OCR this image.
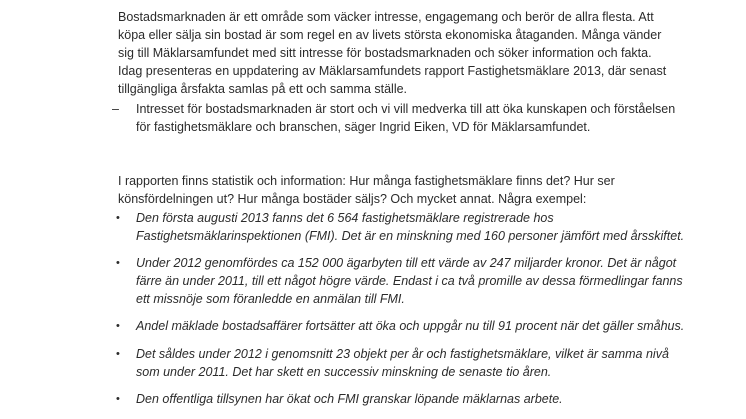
Bostadsmarknaden är ett område som väcker intresse, engagemang och berör de allra flesta. Att köpa eller sälja sin bostad är som regel en av livets största ekonomiska åtaganden. Många vänder sig till Mäklarsamfundet med sitt intresse för bostadsmarknaden och söker information och fakta. Idag presenteras en uppdatering av Mäklarsamfundets rapport Fastighetsmäklare 2013, där senast tillgängliga årsfakta samlas på ett och samma ställe.

– Intresset för bostadsmarknaden är stort och vi vill medverka till att öka kunskapen och förståelsen för fastighetsmäklare och branschen, säger Ingrid Eiken, VD för Mäklarsamfundet.

I rapporten finns statistik och information: Hur många fastighetsmäklare finns det? Hur ser könsfördelningen ut? Hur många bostäder säljs? Och mycket annat. Några exempel:

• Den första augusti 2013 fanns det 6 564 fastighetsmäklare registrerade hos Fastighetsmäklarinspektionen (FMI). Det är en minskning med 160 personer jämfört med årsskiftet.
• Under 2012 genomfördes ca 152 000 ägarbyten till ett värde av 247 miljarder kronor. Det är något färre än under 2011, till ett något högre värde. Endast i ca två promille av dessa förmedlingar fanns ett missnöje som föranledde en anmälan till FMI.
• Andel mäklade bostadsaffärer fortsätter att öka och uppgår nu till 91 procent när det gäller småhus.
• Det såldes under 2012 i genomsnitt 23 objekt per år och fastighetsmäklare, vilket är samma nivå som under 2011. Det har skett en successiv minskning de senaste tio åren.
• Den offentliga tillsynen har ökat och FMI granskar löpande mäklarnas arbete.
